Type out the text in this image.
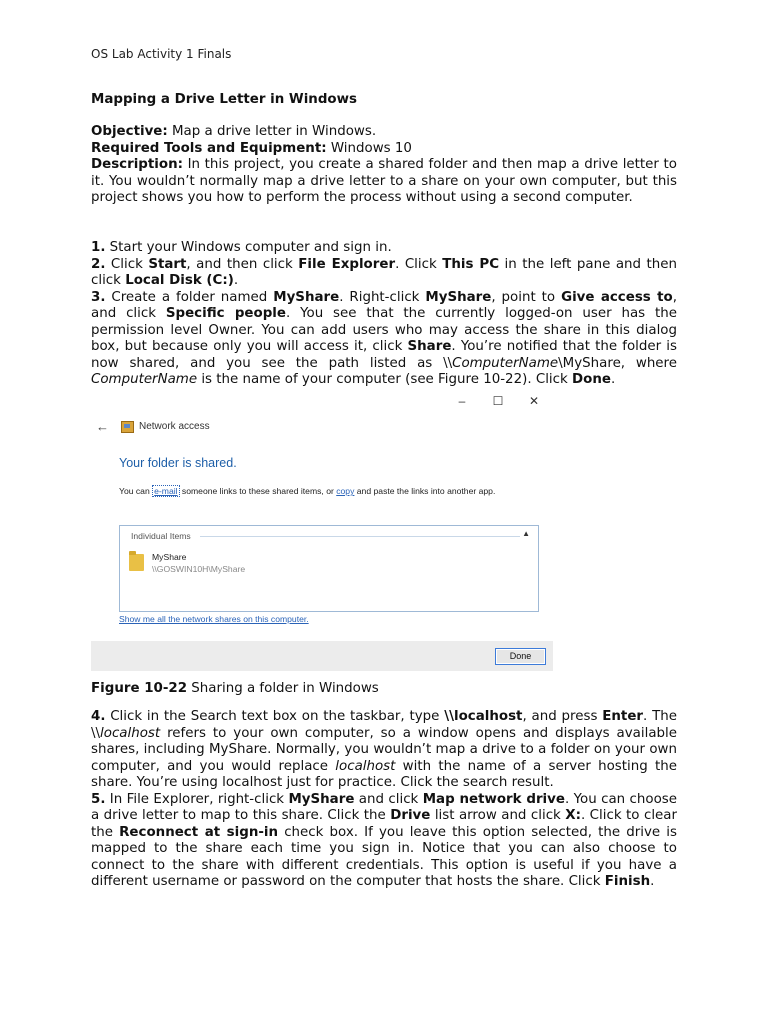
OS Lab Activity 1 Finals
Mapping a Drive Letter in Windows

Objective: Map a drive letter in Windows.

Required Tools and Equipment: Windows 10

Description: In this project, you create a shared folder and then map a drive letter to it. You wouldn’t normally map a drive letter to a share on your own computer, but this project shows you how to perform the process without using a second computer.

1. Start your Windows computer and sign in.

2. Click Start, and then click File Explorer. Click This PC in the left pane and then click Local Disk (C:).

3. Create a folder named MyShare. Right-click MyShare, point to Give access to, and click Specific people. You see that the currently logged-on user has the permission level Owner. You can add users who may access the share in this dialog box, but because only you will access it, click Share. You’re notified that the folder is now shared, and you see the path listed as \\ComputerName\MyShare, where ComputerName is the name of your computer (see Figure 10-22). Click Done.

–	☐ ✕
←	Network access
Your folder is shared.
You can e-mail someone links to these shared items, or copy and paste the links into another app.
Individual Items	▲
MyShare
\\GOSWIN10H\MyShare
Show me all the network shares on this computer.
Done
Figure 10-22 Sharing a folder in Windows

4. Click in the Search text box on the taskbar, type \\localhost, and press Enter. The \\localhost refers to your own computer, so a window opens and displays available shares, including MyShare. Normally, you wouldn’t map a drive to a folder on your own computer, and you would replace localhost with the name of a server hosting the share. You’re using localhost just for practice. Click the search result.

5. In File Explorer, right-click MyShare and click Map network drive. You can choose a drive letter to map to this share. Click the Drive list arrow and click X:. Click to clear the Reconnect at sign-in check box. If you leave this option selected, the drive is mapped to the share each time you sign in. Notice that you can also choose to connect to the share with different credentials. This option is useful if you have a different username or password on the computer that hosts the share. Click Finish.
